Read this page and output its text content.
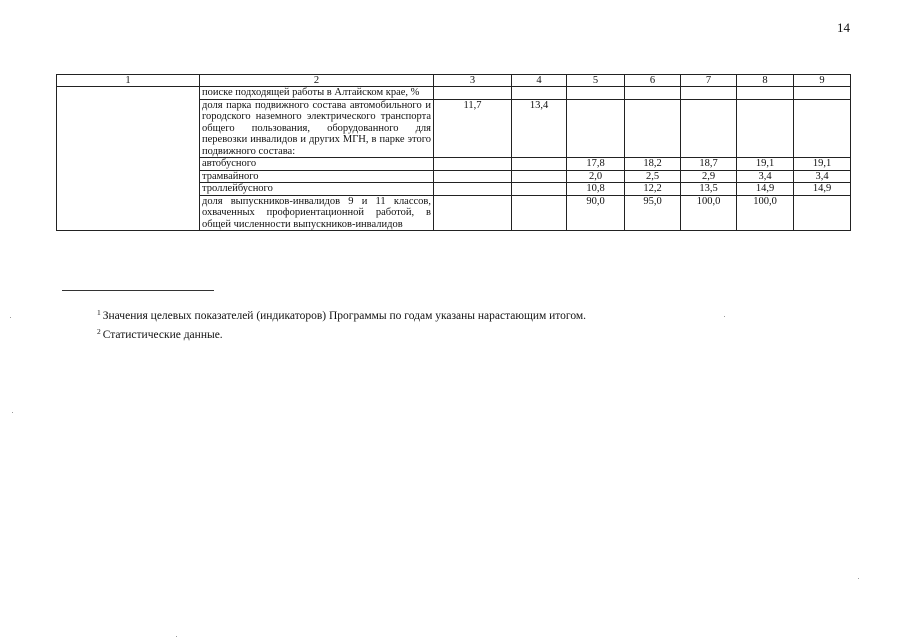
14
1	2	3	4	5	6	7	8	9
	поиске подходящей работы в Алтайском крае, %							
	доля парка подвижного состава автомобильного и городского наземного электрического транспорта общего пользования, оборудованного для перевозки инвалидов и других МГН, в парке этого подвижного состава:	11,7	13,4					
	автобусного			17,8	18,2	18,7	19,1	19,1
	трамвайного			2,0	2,5	2,9	3,4	3,4
	троллейбусного			10,8	12,2	13,5	14,9	14,9
	доля выпускников-инвалидов 9 и 11 классов, охваченных профориентационной работой, в общей численности выпускников-инвалидов			90,0	95,0	100,0	100,0	
$^1$ Значения целевых показателей (индикаторов) Программы по годам указаны нарастающим итогом.
$^2$ Статистические данные.
